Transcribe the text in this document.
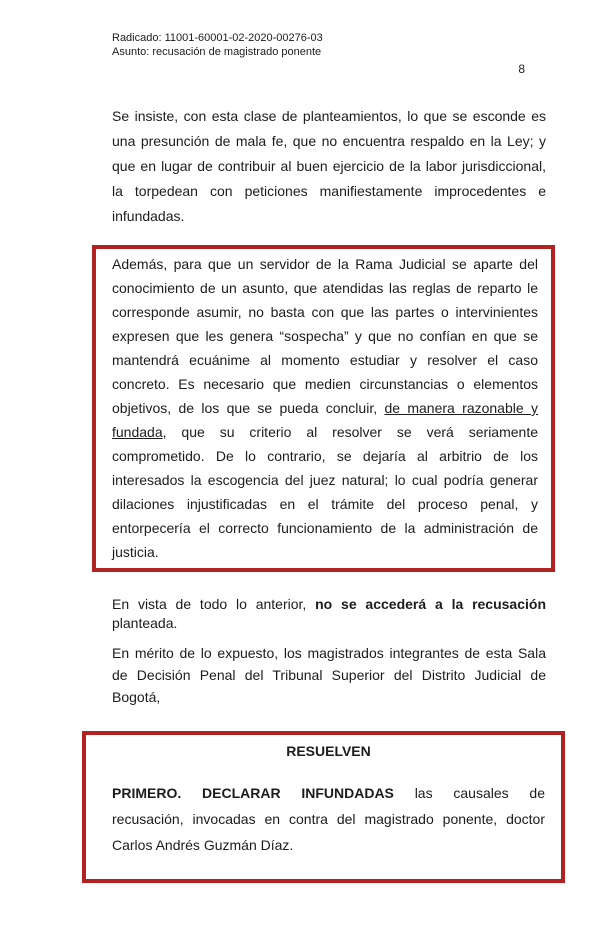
Radicado: 11001-60001-02-2020-00276-03
Asunto: recusación de magistrado ponente
8
Se insiste, con esta clase de planteamientos, lo que se esconde es
una presunción de mala fe, que no encuentra respaldo en la Ley; y
que en lugar de contribuir al buen ejercicio de la labor jurisdiccional,
la torpedean con peticiones manifiestamente improcedentes e
infundadas.
Además, para que un servidor de la Rama Judicial se aparte del
conocimiento de un asunto, que atendidas las reglas de reparto le
corresponde asumir, no basta con que las partes o intervinientes
expresen que les genera “sospecha” y que no confían en que se
mantendrá ecuánime al momento estudiar y resolver el caso
concreto. Es necesario que medien circunstancias o elementos
objetivos, de los que se pueda concluir, de manera razonable y
fundada, que su criterio al resolver se verá seriamente
comprometido. De lo contrario, se dejaría al arbitrio de los
interesados la escogencia del juez natural; lo cual podría generar
dilaciones injustificadas en el trámite del proceso penal, y
entorpecería el correcto funcionamiento de la administración de
justicia.
En vista de todo lo anterior, no se accederá a la recusación
planteada.
En mérito de lo expuesto, los magistrados integrantes de esta Sala
de Decisión Penal del Tribunal Superior del Distrito Judicial de
Bogotá,
RESUELVEN
PRIMERO. DECLARAR INFUNDADAS las causales de
recusación, invocadas en contra del magistrado ponente, doctor
Carlos Andrés Guzmán Díaz.
